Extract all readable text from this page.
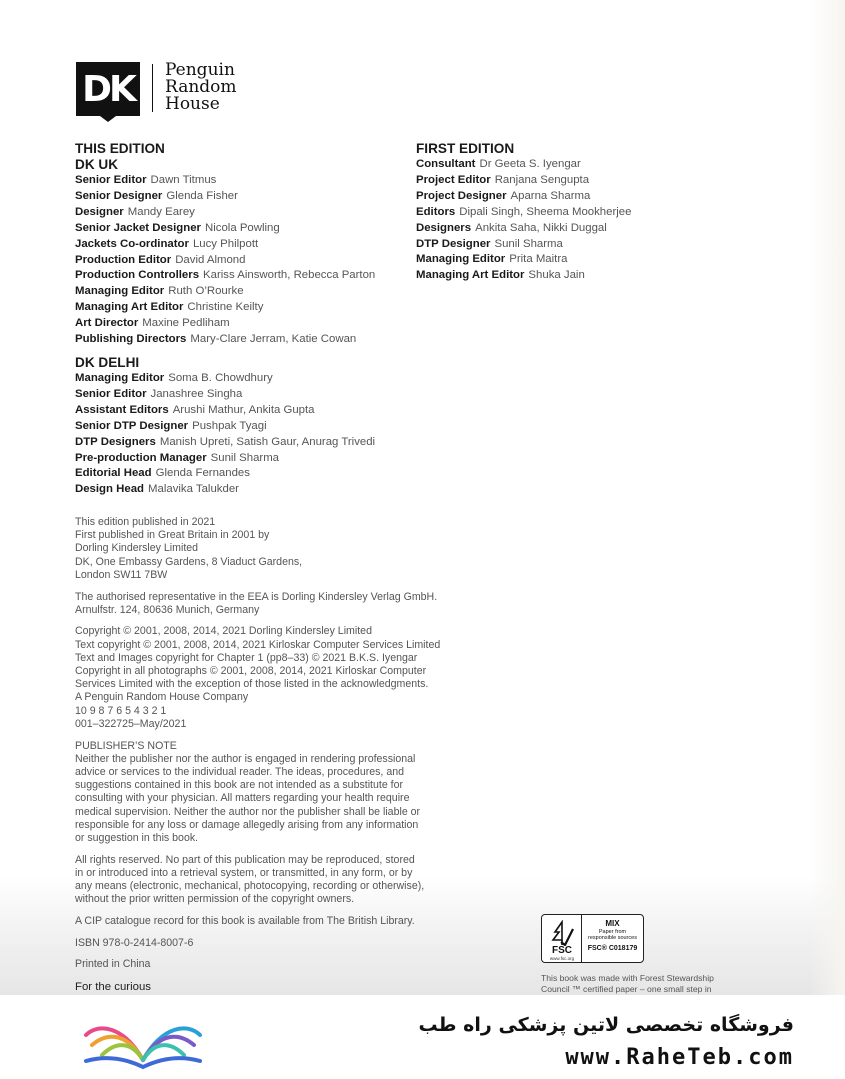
DK	Penguin
Random
House
THIS EDITION
DK UK
Senior Editor Dawn Titmus
Senior Designer Glenda Fisher
Designer Mandy Earey
Senior Jacket Designer Nicola Powling
Jackets Co-ordinator Lucy Philpott
Production Editor David Almond
Production Controllers Kariss Ainsworth, Rebecca Parton
Managing Editor Ruth O’Rourke
Managing Art Editor Christine Keilty
Art Director Maxine Pedliham
Publishing Directors Mary-Clare Jerram, Katie Cowan
DK DELHI
Managing Editor Soma B. Chowdhury
Senior Editor Janashree Singha
Assistant Editors Arushi Mathur, Ankita Gupta
Senior DTP Designer Pushpak Tyagi
DTP Designers Manish Upreti, Satish Gaur, Anurag Trivedi
Pre-production Manager Sunil Sharma
Editorial Head Glenda Fernandes
Design Head Malavika Talukder
FIRST EDITION
Consultant Dr Geeta S. Iyengar
Project Editor Ranjana Sengupta
Project Designer Aparna Sharma
Editors Dipali Singh, Sheema Mookherjee
Designers Ankita Saha, Nikki Duggal
DTP Designer Sunil Sharma
Managing Editor Prita Maitra
Managing Art Editor Shuka Jain
This edition published in 2021
First published in Great Britain in 2001 by
Dorling Kindersley Limited
DK, One Embassy Gardens, 8 Viaduct Gardens,
London SW11 7BW
The authorised representative in the EEA is Dorling Kindersley Verlag GmbH.
Arnulfstr. 124, 80636 Munich, Germany
Copyright © 2001, 2008, 2014, 2021 Dorling Kindersley Limited
Text copyright © 2001, 2008, 2014, 2021 Kirloskar Computer Services Limited
Text and Images copyright for Chapter 1 (pp8–33) © 2021 B.K.S. Iyengar
Copyright in all photographs © 2001, 2008, 2014, 2021 Kirloskar Computer
Services Limited with the exception of those listed in the acknowledgments.
A Penguin Random House Company
10 9 8 7 6 5 4 3 2 1
001–322725–May/2021
PUBLISHER’S NOTE
Neither the publisher nor the author is engaged in rendering professional
advice or services to the individual reader. The ideas, procedures, and
suggestions contained in this book are not intended as a substitute for
consulting with your physician. All matters regarding your health require
medical supervision. Neither the author nor the publisher shall be liable or
responsible for any loss or damage allegedly arising from any information
or suggestion in this book.
All rights reserved. No part of this publication may be reproduced, stored
in or introduced into a retrieval system, or transmitted, in any form, or by
any means (electronic, mechanical, photocopying, recording or otherwise),
without the prior written permission of the copyright owners.
A CIP catalogue record for this book is available from The British Library.
ISBN 978-0-2414-8007-6
Printed in China
For the curious
FSC
www.fsc.org
MIX
Paper from
responsible sources
FSC® C018179
This book was made with Forest Stewardship
Council ™ certified paper – one small step in
فروشگاه تخصصی لاتین پزشکی راه طب
www.RaheTeb.com
